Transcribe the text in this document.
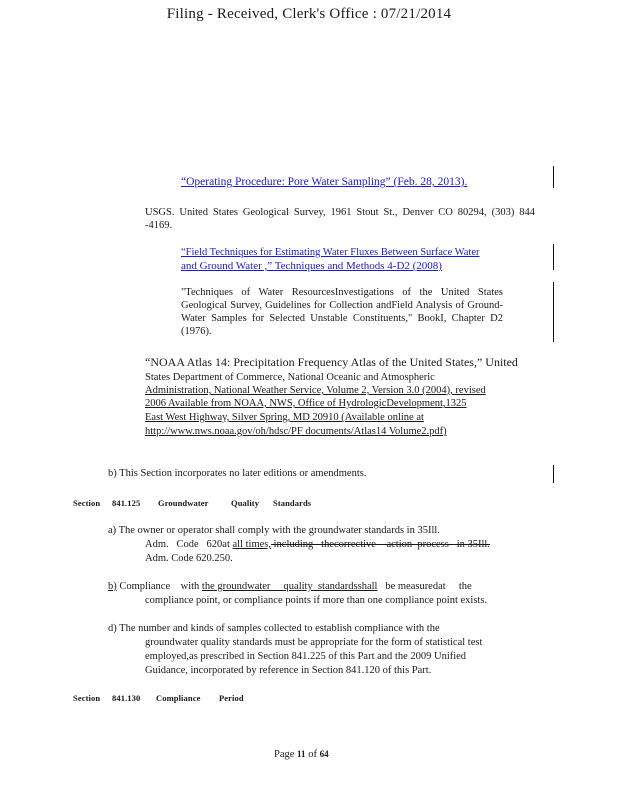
Filing - Received, Clerk's Office : 07/21/2014
“Operating Procedure: Pore Water Sampling” (Feb. 28, 2013).
USGS. United States Geological Survey, 1961 Stout St., Denver CO 80294, (303) 844 -4169.
“Field Techniques for Estimating Water Fluxes Between Surface Water
and Ground Water ,” Techniques and Methods 4-D2 (2008)
"Techniques of Water ResourcesInvestigations of the United States Geological Survey, Guidelines for Collection andField Analysis of Ground-Water Samples for Selected Unstable Constituents," BookI, Chapter D2 (1976).
“NOAA Atlas 14: Precipitation Frequency Atlas of the United States,” United
States Department of Commerce, National Oceanic and Atmospheric
Administration, National Weather Service, Volume 2, Version 3.0 (2004), revised
2006 Available from NOAA, NWS, Office of HydrologicDevelopment,1325
East West Highway, Silver Spring, MD 20910 (Available online at
http://www.nws.noaa.gov/oh/hdsc/PF documents/Atlas14 Volume2.pdf)
b) This Section incorporates no later editions or amendments.
Section 841.125 Groundwater	Quality Standards
a) The owner or operator shall comply with the groundwater standards in 35Ill.
Adm.   Code   620at all times, including   thecorrective    action  process   in 35Ill.
Adm. Code 620.250.
b) Compliance    with the groundwater     quality  standardsshall   be measuredat     the
compliance point, or compliance points if more than one compliance point exists.
d) The number and kinds of samples collected to establish compliance with the
groundwater quality standards must be appropriate for the form of statistical test
employed,as prescribed in Section 841.225 of this Part and the 2009 Unified
Guidance, incorporated by reference in Section 841.120 of this Part.
Section 841.130 Compliance Period
Page 11 of 64
